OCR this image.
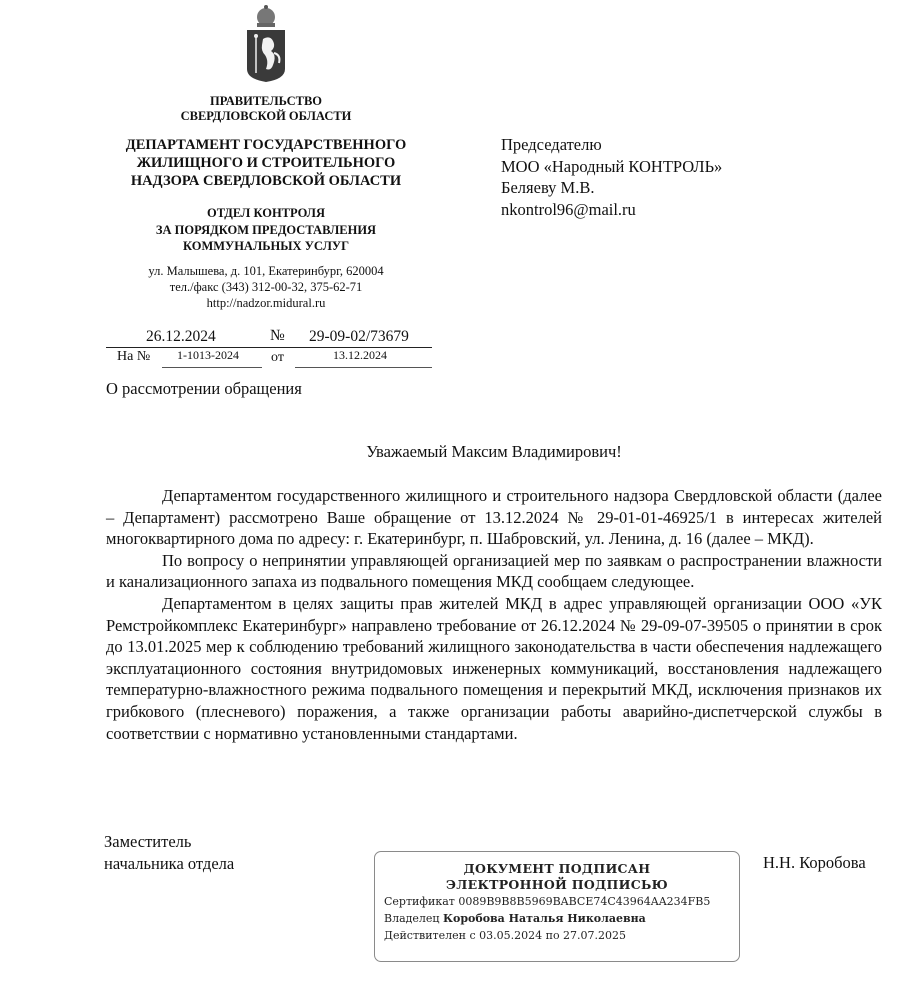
ПРАВИТЕЛЬСТВО
СВЕРДЛОВСКОЙ ОБЛАСТИ
ДЕПАРТАМЕНТ ГОСУДАРСТВЕННОГО
ЖИЛИЩНОГО И СТРОИТЕЛЬНОГО
НАДЗОРА СВЕРДЛОВСКОЙ ОБЛАСТИ
ОТДЕЛ КОНТРОЛЯ
ЗА ПОРЯДКОМ ПРЕДОСТАВЛЕНИЯ
КОММУНАЛЬНЫХ УСЛУГ
ул. Малышева, д. 101, Екатеринбург, 620004
тел./факс (343) 312-00-32, 375-62-71
http://nadzor.midural.ru
26.12.2024	№ 29-09-02/73679
На № 1-1013-2024 от	13.12.2024
О рассмотрении обращения
Председателю
МОО «Народный КОНТРОЛЬ»
Беляеву М.В.
nkontrol96@mail.ru
Уважаемый Максим Владимирович!

Департаментом государственного жилищного и строительного надзора Свердловской области (далее – Департамент) рассмотрено Ваше обращение от 13.12.2024 № 29-01-01-46925/1 в интересах жителей многоквартирного дома по адресу: г. Екатеринбург, п. Шабровский, ул. Ленина, д. 16 (далее – МКД).

По вопросу о непринятии управляющей организацией мер по заявкам о распространении влажности и канализационного запаха из подвального помещения МКД сообщаем следующее.

Департаментом в целях защиты прав жителей МКД в адрес управляющей организации ООО «УК Ремстройкомплекс Екатеринбург» направлено требование от 26.12.2024 № 29-09-07-39505 о принятии в срок до 13.01.2025 мер к соблюдению требований жилищного законодательства в части обеспечения надлежащего эксплуатационного состояния внутридомовых инженерных коммуникаций, восстановления надлежащего температурно-влажностного режима подвального помещения и перекрытий МКД, исключения признаков их грибкового (плесневого) поражения, а также организации работы аварийно-диспетчерской службы в соответствии с нормативно установленными стандартами.

Заместитель
начальника отдела	ДОКУМЕНТ ПОДПИСАН
ЭЛЕКТРОННОЙ ПОДПИСЬЮ
Сертификат 0089B9B8B5969BABCE74C43964AA234FB5
Владелец Коробова Наталья Николаевна
Действителен с 03.05.2024 по 27.07.2025
Н.Н. Коробова
